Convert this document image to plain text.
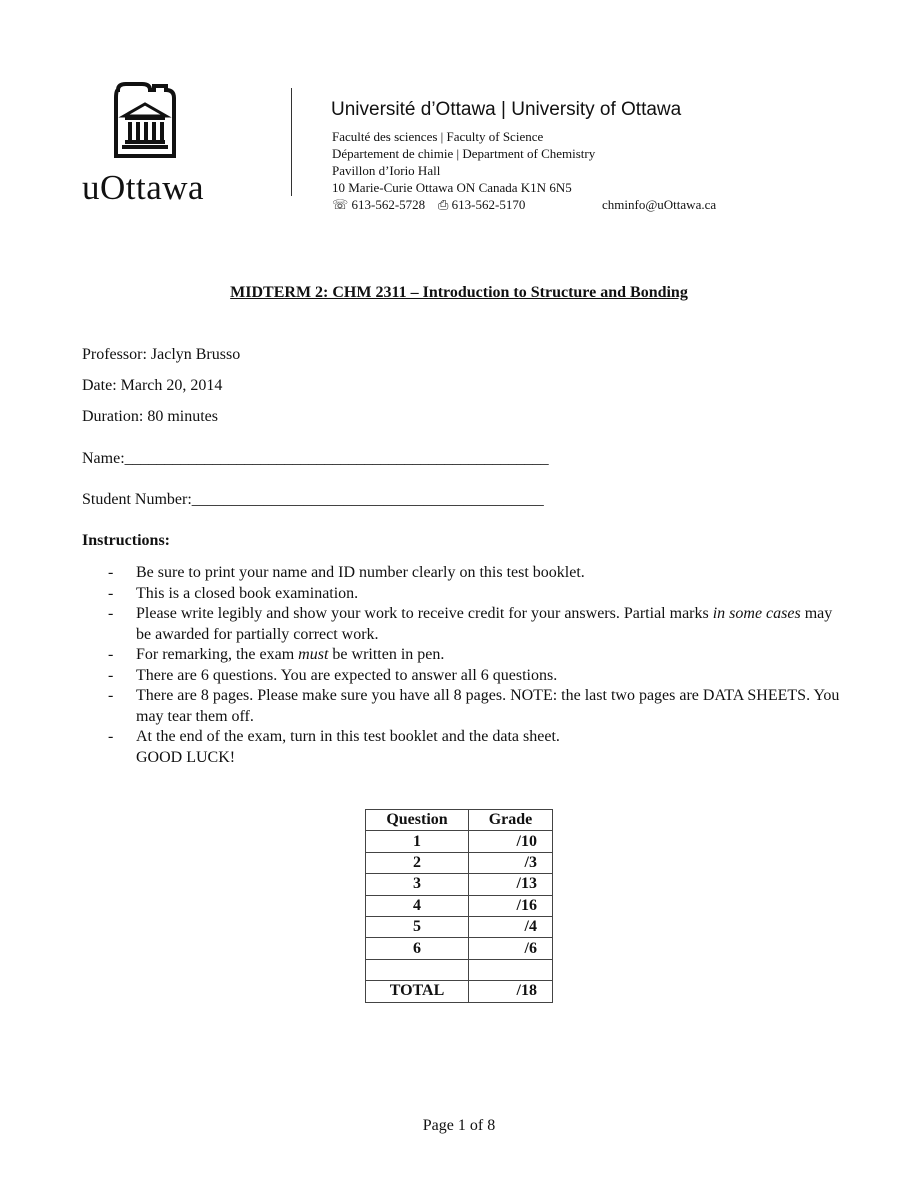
uOttawa
Université d’Ottawa | University of Ottawa
Faculté des sciences | Faculty of Science
Département de chimie | Department of Chemistry
Pavillon d’Iorio Hall
10 Marie-Curie Ottawa ON Canada K1N 6N5
☏ 613-562-5728 ⎙ 613-562-5170	chminfo@uOttawa.ca
MIDTERM 2: CHM 2311 – Introduction to Structure and Bonding
Professor: Jaclyn Brusso
Date: March 20, 2014
Duration: 80 minutes
Name:_____________________________________________________
Student Number:____________________________________________
Instructions:
- Be sure to print your name and ID number clearly on this test booklet.
- This is a closed book examination.
- Please write legibly and show your work to receive credit for your answers. Partial marks in some cases may be awarded for partially correct work.
- For remarking, the exam must be written in pen.
- There are 6 questions. You are expected to answer all 6 questions.
- There are 8 pages. Please make sure you have all 8 pages. NOTE: the last two pages are DATA SHEETS. You may tear them off.
- At the end of the exam, turn in this test booklet and the data sheet.
GOOD LUCK!
Question	Grade
1	/10
2	/3
3	/13
4	/16
5	/4
6	/6

TOTAL	/18
Page 1 of 8
